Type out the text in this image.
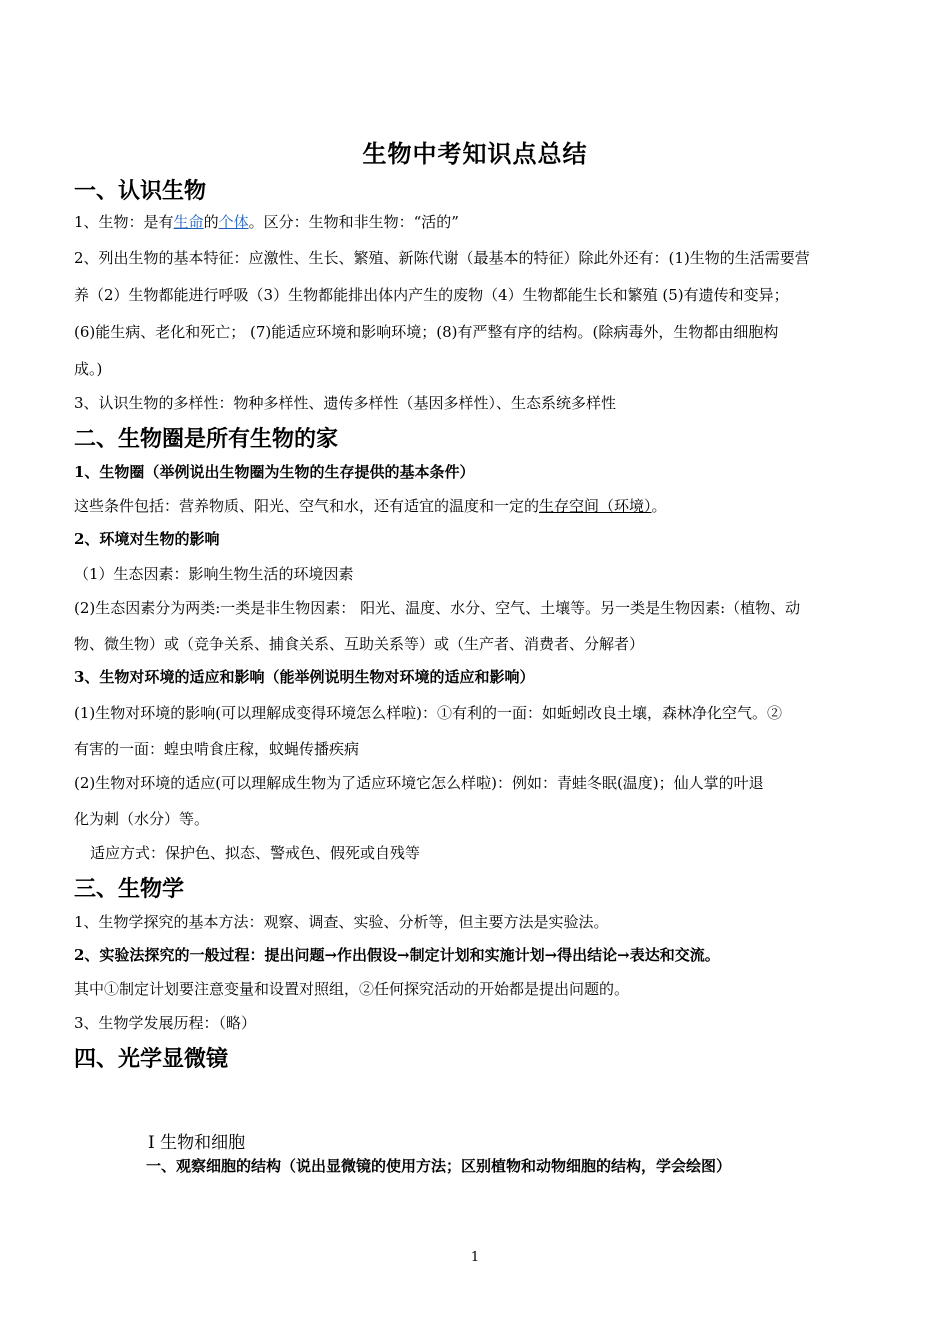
生物中考知识点总结
一、认识生物
1、生物：是有生命的个体。区分：生物和非生物：“活的”
2、列出生物的基本特征：应激性、生长、繁殖、新陈代谢（最基本的特征）除此外还有：(1)生物的生活需要营
养（2）生物都能进行呼吸（3）生物都能排出体内产生的废物（4）生物都能生长和繁殖 (5)有遗传和变异；
(6)能生病、老化和死亡； (7)能适应环境和影响环境；(8)有严整有序的结构。(除病毒外，生物都由细胞构
成。)
3、认识生物的多样性：物种多样性、遗传多样性（基因多样性）、生态系统多样性
二、生物圈是所有生物的家
1、生物圈（举例说出生物圈为生物的生存提供的基本条件）
这些条件包括：营养物质、阳光、空气和水，还有适宜的温度和一定的生存空间（环境）。
2、环境对生物的影响
（1）生态因素：影响生物生活的环境因素
(2)生态因素分为两类:一类是非生物因素： 阳光、温度、水分、空气、土壤等。另一类是生物因素:（植物、动
物、微生物）或（竞争关系、捕食关系、互助关系等）或（生产者、消费者、分解者）
3、生物对环境的适应和影响（能举例说明生物对环境的适应和影响）
(1)生物对环境的影响(可以理解成变得环境怎么样啦)：①有利的一面：如蚯蚓改良土壤，森林净化空气。②
有害的一面：蝗虫啃食庄稼，蚊蝇传播疾病
(2)生物对环境的适应(可以理解成生物为了适应环境它怎么样啦)：例如：青蛙冬眠(温度)；仙人掌的叶退
化为刺（水分）等。
适应方式：保护色、拟态、警戒色、假死或自残等
三、生物学
1、生物学探究的基本方法：观察、调查、实验、分析等，但主要方法是实验法。
2、实验法探究的一般过程：提出问题→作出假设→制定计划和实施计划→得出结论→表达和交流。
其中①制定计划要注意变量和设置对照组，②任何探究活动的开始都是提出问题的。
3、生物学发展历程：（略）
四、光学显微镜
Ⅰ 生物和细胞
一、观察细胞的结构（说出显微镜的使用方法；区别植物和动物细胞的结构，学会绘图）
1
